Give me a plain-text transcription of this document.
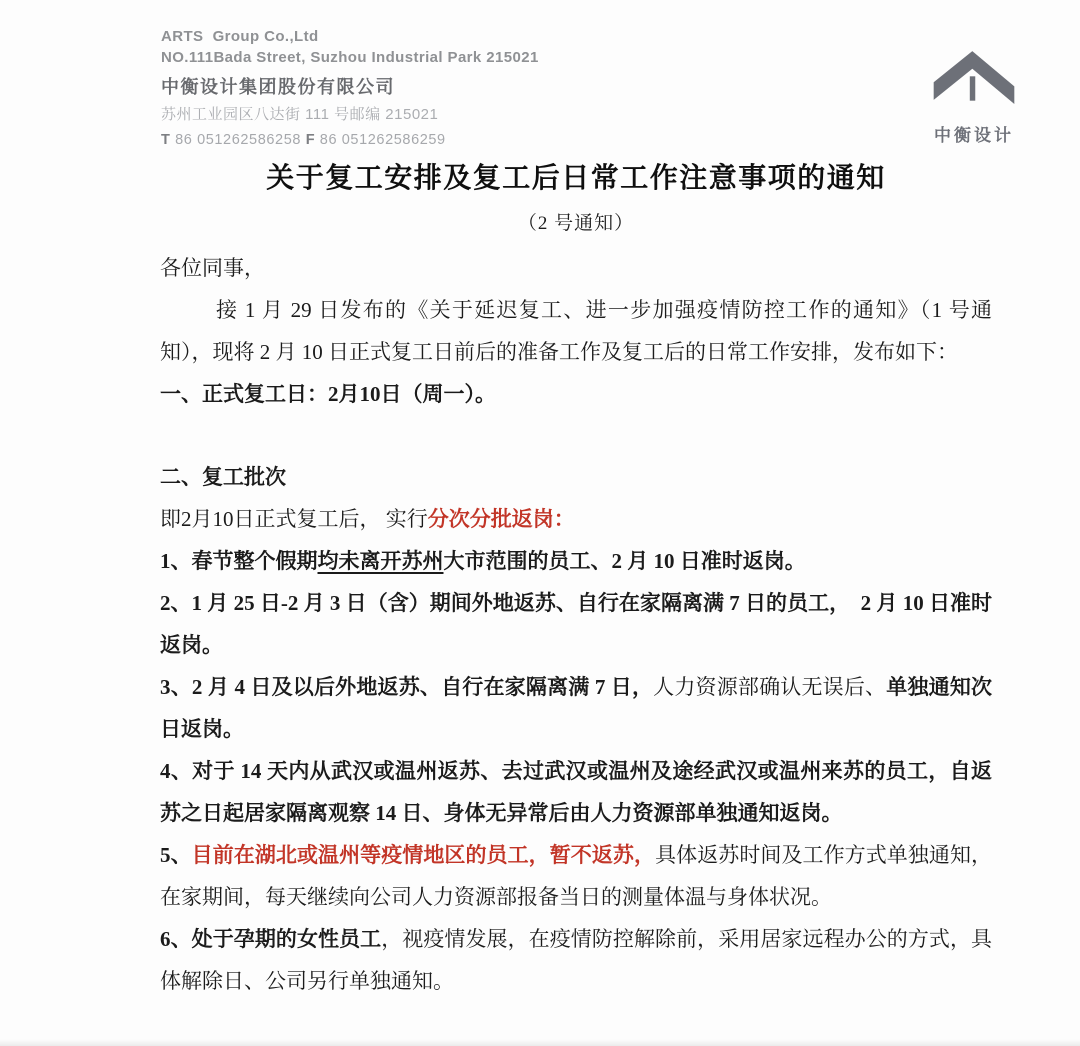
ARTS  Group Co.,Ltd
NO.111Bada Street, Suzhou Industrial Park 215021
中衡设计集团股份有限公司
苏州工业园区八达街 111 号邮编 215021
T 86 051262586258 F 86 051262586259	中衡设计
关于复工安排及复工后日常工作注意事项的通知
（2 号通知）

各位同事，

接 1 月 29 日发布的《关于延迟复工、进一步加强疫情防控工作的通知》（1 号通知），现将 2 月 10 日正式复工日前后的准备工作及复工后的日常工作安排，发布如下：

一、正式复工日：2月10日（周一）。

二、复工批次

即2月10日正式复工后， 实行分次分批返岗：

1、春节整个假期均未离开苏州大市范围的员工、2 月 10 日准时返岗。

2、1 月 25 日-2 月 3 日（含）期间外地返苏、自行在家隔离满 7 日的员工，　2 月 10 日准时返岗。

3、2 月 4 日及以后外地返苏、自行在家隔离满 7 日，人力资源部确认无误后、单独通知次日返岗。

4、对于 14 天内从武汉或温州返苏、去过武汉或温州及途经武汉或温州来苏的员工，自返苏之日起居家隔离观察 14 日、身体无异常后由人力资源部单独通知返岗。

5、目前在湖北或温州等疫情地区的员工，暂不返苏，具体返苏时间及工作方式单独通知，在家期间，每天继续向公司人力资源部报备当日的测量体温与身体状况。

6、处于孕期的女性员工，视疫情发展，在疫情防控解除前，采用居家远程办公的方式，具体解除日、公司另行单独通知。
